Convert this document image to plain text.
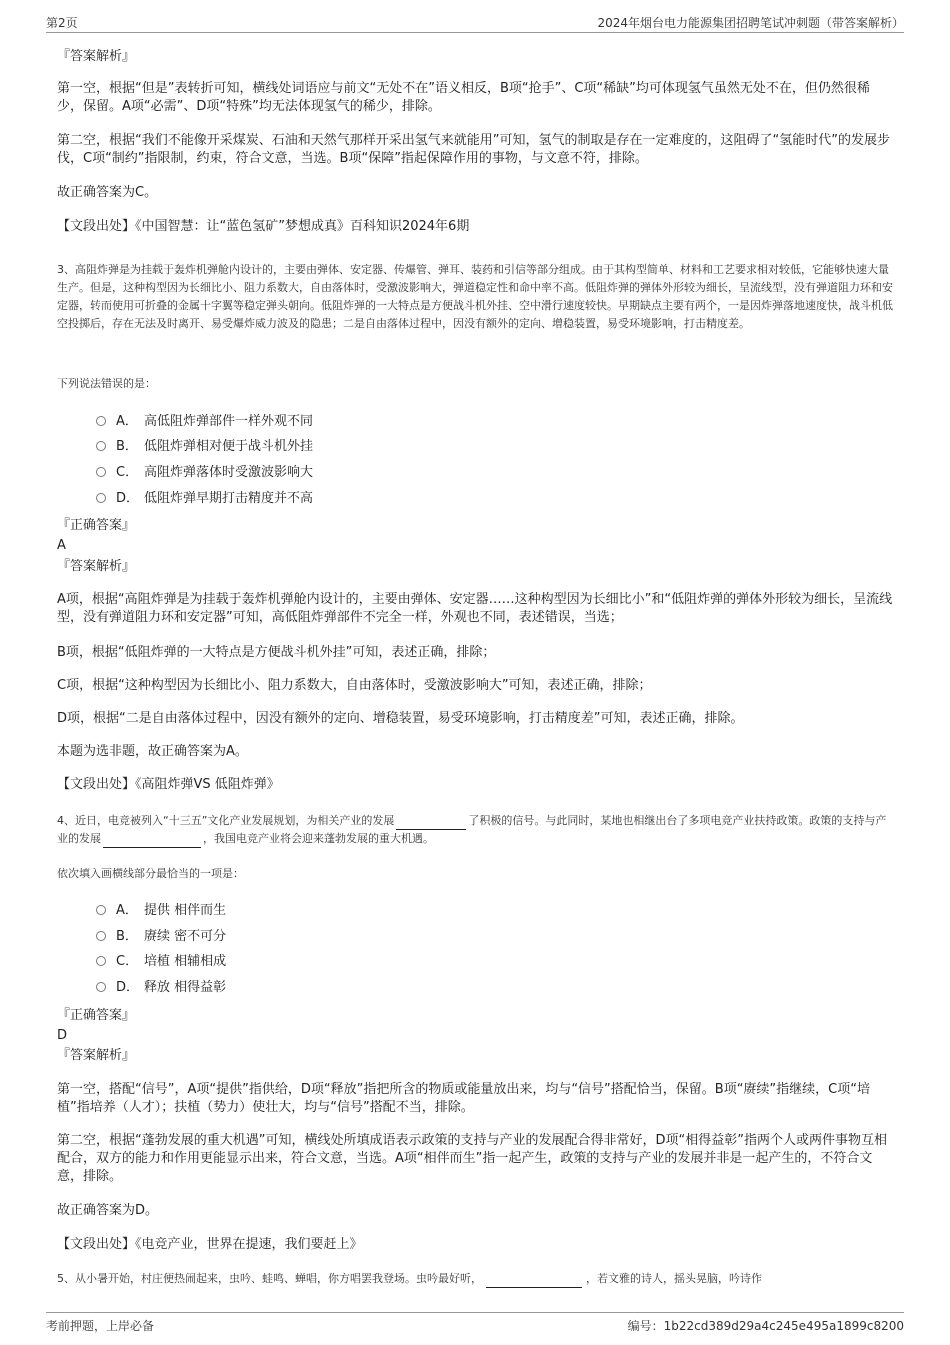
第2页	2024年烟台电力能源集团招聘笔试冲刺题（带答案解析）

『答案解析』

第一空，根据“但是”表转折可知，横线处词语应与前文“无处不在”语义相反，B项“抢手”、C项“稀缺”均可体现氢气虽然无处不在，但仍然很稀少，保留。A项“必需”、D项“特殊”均无法体现氢气的稀少，排除。

第二空，根据“我们不能像开采煤炭、石油和天然气那样开采出氢气来就能用”可知，氢气的制取是存在一定难度的，这阻碍了“氢能时代”的发展步伐，C项“制约”指限制，约束，符合文意，当选。B项“保障”指起保障作用的事物，与文意不符，排除。

故正确答案为C。

【文段出处】《中国智慧：让“蓝色氢矿”梦想成真》百科知识2024年6期

3、高阻炸弹是为挂载于轰炸机弹舱内设计的，主要由弹体、安定器、传爆管、弹耳、装药和引信等部分组成。由于其构型简单、材料和工艺要求相对较低，它能够快速大量生产。但是，这种构型因为长细比小、阻力系数大，自由落体时，受激波影响大，弹道稳定性和命中率不高。低阻炸弹的弹体外形较为细长，呈流线型，没有弹道阻力环和安定器，转而使用可折叠的金属十字翼等稳定弹头朝向。低阻炸弹的一大特点是方便战斗机外挂、空中滑行速度较快。早期缺点主要有两个，一是因炸弹落地速度快，战斗机低空投掷后，存在无法及时离开、易受爆炸威力波及的隐患；二是自由落体过程中，因没有额外的定向、增稳装置，易受环境影响，打击精度差。

下列说法错误的是：

A． 高低阻炸弹部件一样外观不同
B． 低阻炸弹相对便于战斗机外挂
C． 高阻炸弹落体时受激波影响大
D． 低阻炸弹早期打击精度并不高

『正确答案』

A

『答案解析』

A项，根据“高阻炸弹是为挂载于轰炸机弹舱内设计的，主要由弹体、安定器……这种构型因为长细比小”和“低阻炸弹的弹体外形较为细长，呈流线型，没有弹道阻力环和安定器”可知，高低阻炸弹部件不完全一样，外观也不同，表述错误，当选；

B项，根据“低阻炸弹的一大特点是方便战斗机外挂”可知，表述正确，排除；

C项，根据“这种构型因为长细比小、阻力系数大，自由落体时，受激波影响大”可知，表述正确，排除；

D项，根据“二是自由落体过程中，因没有额外的定向、增稳装置，易受环境影响，打击精度差”可知，表述正确，排除。

本题为选非题，故正确答案为A。

【文段出处】《高阻炸弹VS 低阻炸弹》

4、近日，电竞被列入“十三五”文化产业发展规划，为相关产业的发展	了积极的信号。与此同时，某地也相继出台了多项电竞产业扶持政策。政策的支持与产业的发展	，我国电竞产业将会迎来蓬勃发展的重大机遇。

依次填入画横线部分最恰当的一项是：

A． 提供 相伴而生
B． 赓续 密不可分
C． 培植 相辅相成
D． 释放 相得益彰

『正确答案』

D

『答案解析』

第一空，搭配“信号”，A项“提供”指供给，D项“释放”指把所含的物质或能量放出来，均与“信号”搭配恰当，保留。B项“赓续”指继续，C项“培植”指培养（人才）；扶植（势力）使壮大，均与“信号”搭配不当，排除。

第二空，根据“蓬勃发展的重大机遇”可知，横线处所填成语表示政策的支持与产业的发展配合得非常好，D项“相得益彰”指两个人或两件事物互相配合，双方的能力和作用更能显示出来，符合文意，当选。A项“相伴而生”指一起产生，政策的支持与产业的发展并非是一起产生的，不符合文意，排除。

故正确答案为D。

【文段出处】《电竞产业，世界在提速，我们要赶上》

5、从小暑开始，村庄便热闹起来，虫吟、蛙鸣、蝉唱，你方唱罢我登场。虫吟最好听，	，若文雅的诗人，摇头晃脑，吟诗作

考前押题，上岸必备	编号：1b22cd389d29a4c245e495a1899c8200
